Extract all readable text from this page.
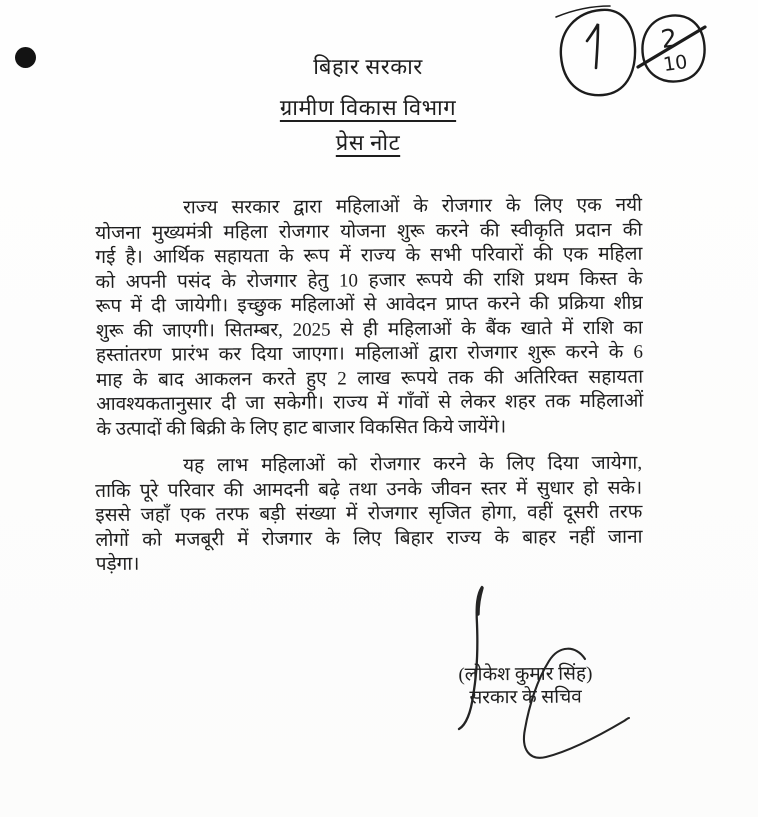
बिहार सरकार
ग्रामीण विकास विभाग
प्रेस नोट
राज्य सरकार द्वारा महिलाओं के रोजगार के लिए एक नयी
योजना मुख्यमंत्री महिला रोजगार योजना शुरू करने की स्वीकृति प्रदान की
गई है। आर्थिक सहायता के रूप में राज्य के सभी परिवारों की एक महिला
को अपनी पसंद के रोजगार हेतु 10 हजार रूपये की राशि प्रथम किस्त के
रूप में दी जायेगी। इच्छुक महिलाओं से आवेदन प्राप्त करने की प्रक्रिया शीघ्र
शुरू की जाएगी। सितम्बर, 2025 से ही महिलाओं के बैंक खाते में राशि का
हस्तांतरण प्रारंभ कर दिया जाएगा। महिलाओं द्वारा रोजगार शुरू करने के 6
माह के बाद आकलन करते हुए 2 लाख रूपये तक की अतिरिक्त सहायता
आवश्यकतानुसार दी जा सकेगी। राज्य में गाँवों से लेकर शहर तक महिलाओं
के उत्पादों की बिक्री के लिए हाट बाजार विकसित किये जायेंगे।
यह लाभ महिलाओं को रोजगार करने के लिए दिया जायेगा,
ताकि पूरे परिवार की आमदनी बढ़े तथा उनके जीवन स्तर में सुधार हो सके।
इससे जहाँ एक तरफ बड़ी संख्या में रोजगार सृजित होगा, वहीं दूसरी तरफ
लोगों को मजबूरी में रोजगार के लिए बिहार राज्य के बाहर नहीं जाना
पड़ेगा।
(लोकेश कुमार सिंह)
सरकार के सचिव
2
10
